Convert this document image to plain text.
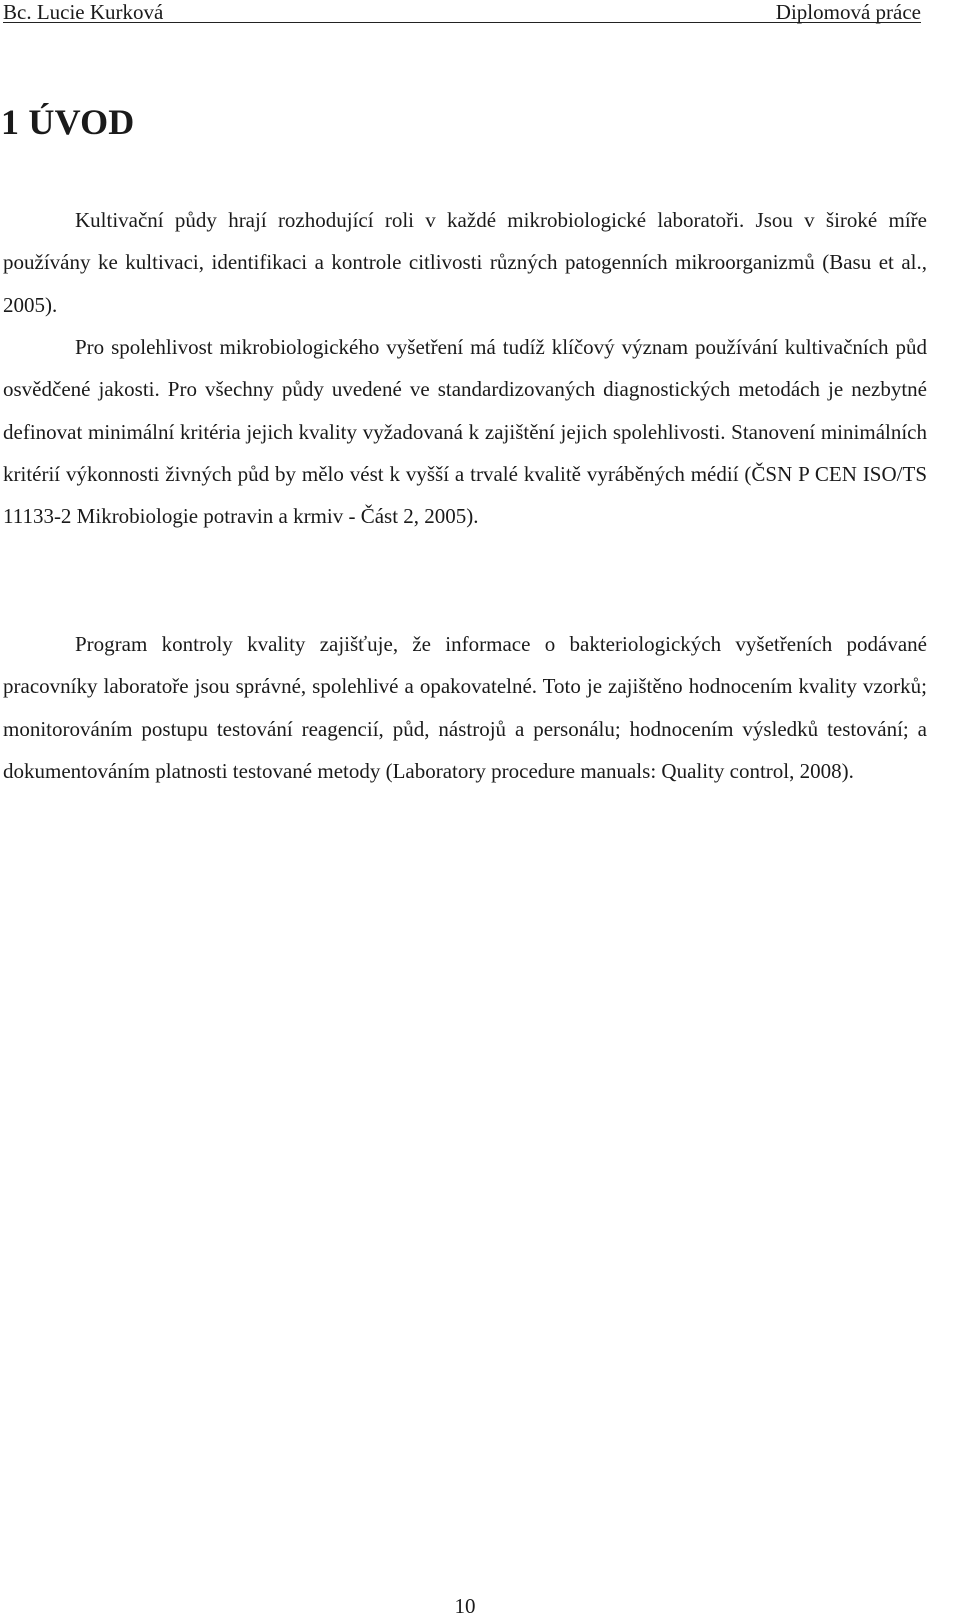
Bc. Lucie Kurková	Diplomová práce
1 ÚVOD

Kultivační půdy hrají rozhodující roli v každé mikrobiologické laboratoři. Jsou v široké míře používány ke kultivaci, identifikaci a kontrole citlivosti různých patogenních mikroorganizmů (Basu et al., 2005).

Pro spolehlivost mikrobiologického vyšetření má tudíž klíčový význam používání kultivačních půd osvědčené jakosti. Pro všechny půdy uvedené ve standardizovaných diagnostických metodách je nezbytné definovat minimální kritéria jejich kvality vyžadovaná k zajištění jejich spolehlivosti. Stanovení minimálních kritérií výkonnosti živných půd by mělo vést k vyšší a trvalé kvalitě vyráběných médií (ČSN P CEN ISO/TS 11133-2 Mikrobiologie potravin a krmiv - Část 2, 2005).

Program kontroly kvality zajišťuje, že informace o bakteriologických vyšetřeních podávané pracovníky laboratoře jsou správné, spolehlivé a opakovatelné. Toto je zajištěno hodnocením kvality vzorků; monitorováním postupu testování reagencií, půd, nástrojů a personálu; hodnocením výsledků testování; a dokumentováním platnosti testované metody (Laboratory procedure manuals: Quality control, 2008).

10
